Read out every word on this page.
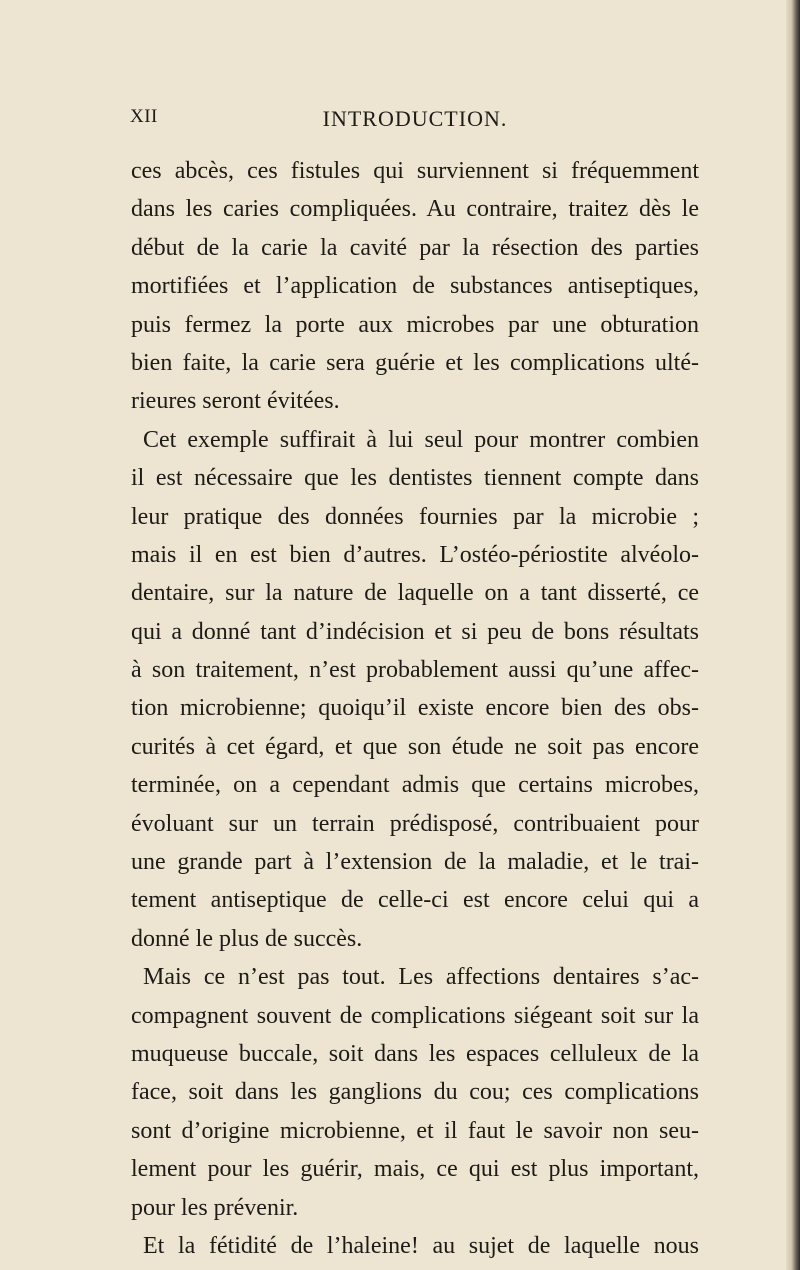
XII	INTRODUCTION.
ces abcès, ces fistules qui surviennent si fréquemment
dans les caries compliquées. Au contraire, traitez dès le
début de la carie la cavité par la résection des parties
mortifiées et l’application de substances antiseptiques,
puis fermez la porte aux microbes par une obturation
bien faite, la carie sera guérie et les complications ulté-
rieures seront évitées.
Cet exemple suffirait à lui seul pour montrer combien
il est nécessaire que les dentistes tiennent compte dans
leur pratique des données fournies par la microbie ;
mais il en est bien d’autres. L’ostéo-périostite alvéolo-
dentaire, sur la nature de laquelle on a tant disserté, ce
qui a donné tant d’indécision et si peu de bons résultats
à son traitement, n’est probablement aussi qu’une affec-
tion microbienne; quoiqu’il existe encore bien des obs-
curités à cet égard, et que son étude ne soit pas encore
terminée, on a cependant admis que certains microbes,
évoluant sur un terrain prédisposé, contribuaient pour
une grande part à l’extension de la maladie, et le trai-
tement antiseptique de celle-ci est encore celui qui a
donné le plus de succès.
Mais ce n’est pas tout. Les affections dentaires s’ac-
compagnent souvent de complications siégeant soit sur la
muqueuse buccale, soit dans les espaces celluleux de la
face, soit dans les ganglions du cou; ces complications
sont d’origine microbienne, et il faut le savoir non seu-
lement pour les guérir, mais, ce qui est plus important,
pour les prévenir.
Et la fétidité de l’haleine! au sujet de laquelle nous
